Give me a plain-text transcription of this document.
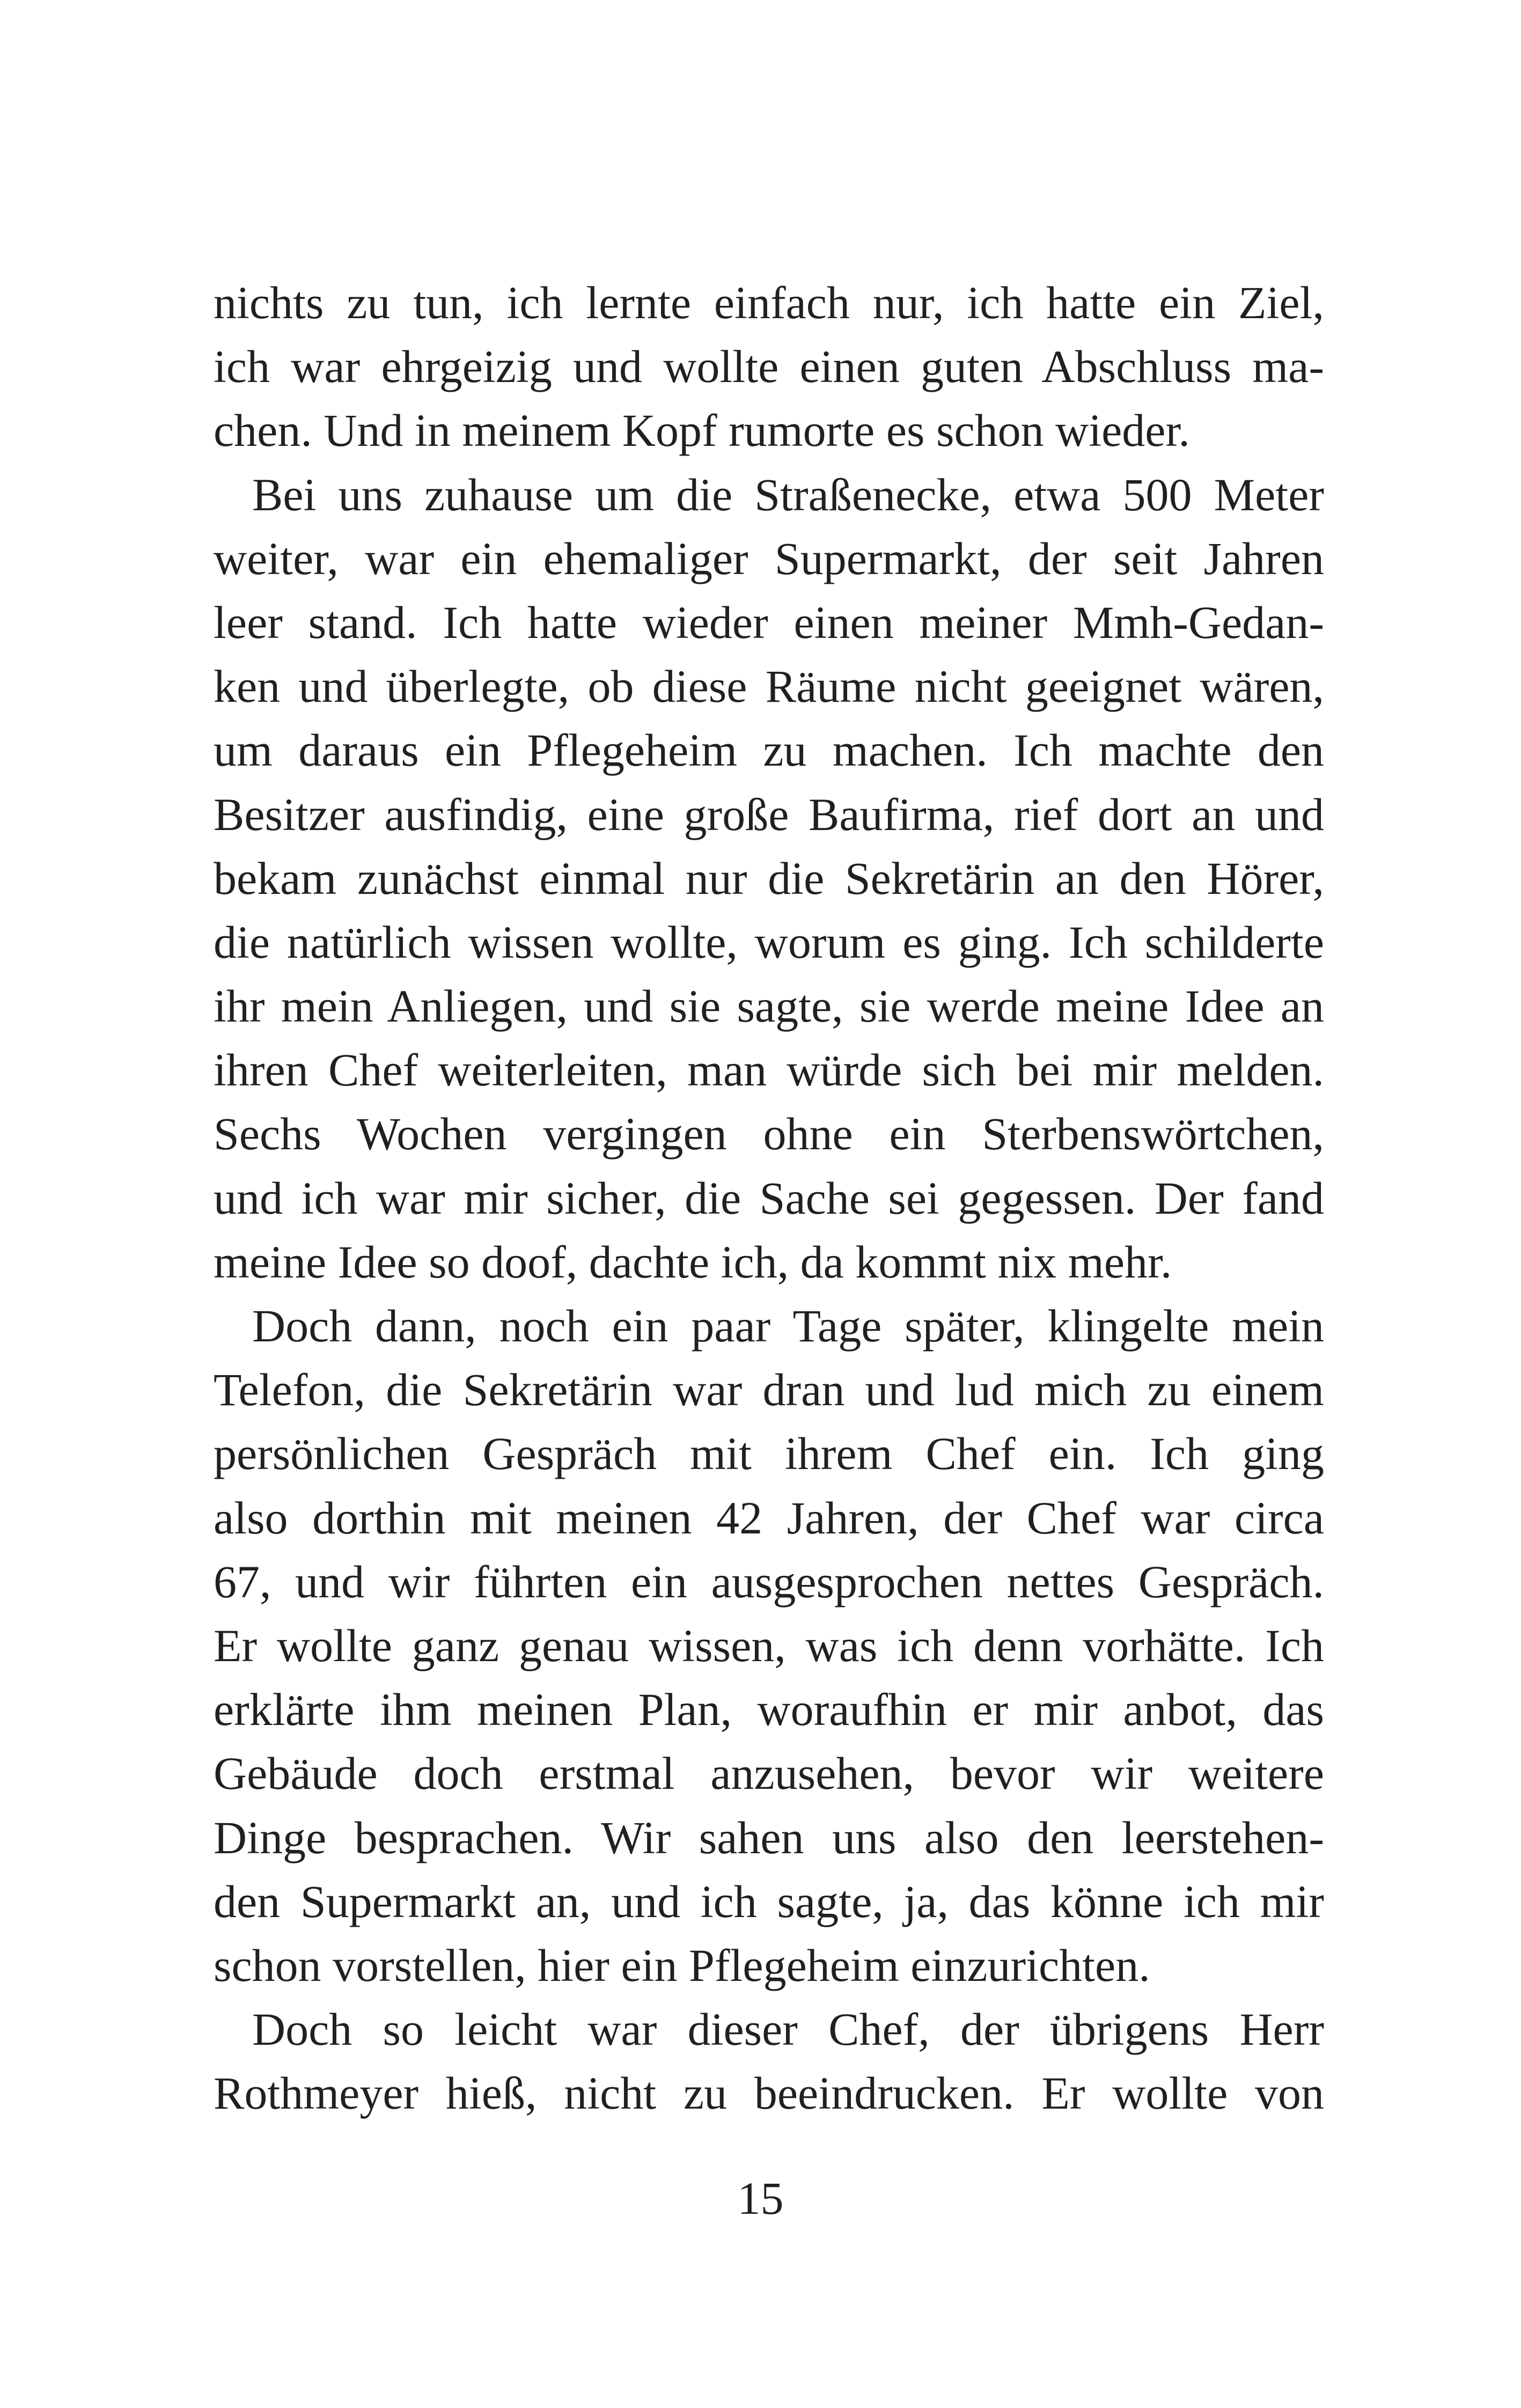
nichts zu tun, ich lernte einfach nur, ich hatte ein Ziel,
ich war ehrgeizig und wollte einen guten Abschluss ma-
chen. Und in meinem Kopf rumorte es schon wieder.
Bei uns zuhause um die Straßenecke, etwa 500 Meter
weiter, war ein ehemaliger Supermarkt, der seit Jahren
leer stand. Ich hatte wieder einen meiner Mmh-Gedan-
ken und überlegte, ob diese Räume nicht geeignet wären,
um daraus ein Pflegeheim zu machen. Ich machte den
Besitzer ausfindig, eine große Baufirma, rief dort an und
bekam zunächst einmal nur die Sekretärin an den Hörer,
die natürlich wissen wollte, worum es ging. Ich schilderte
ihr mein Anliegen, und sie sagte, sie werde meine Idee an
ihren Chef weiterleiten, man würde sich bei mir melden.
Sechs Wochen vergingen ohne ein Sterbenswörtchen,
und ich war mir sicher, die Sache sei gegessen. Der fand
meine Idee so doof, dachte ich, da kommt nix mehr.
Doch dann, noch ein paar Tage später, klingelte mein
Telefon, die Sekretärin war dran und lud mich zu einem
persönlichen Gespräch mit ihrem Chef ein. Ich ging
also dorthin mit meinen 42 Jahren, der Chef war circa
67, und wir führten ein ausgesprochen nettes Gespräch.
Er wollte ganz genau wissen, was ich denn vorhätte. Ich
erklärte ihm meinen Plan, woraufhin er mir anbot, das
Gebäude doch erstmal anzusehen, bevor wir weitere
Dinge besprachen. Wir sahen uns also den leerstehen-
den Supermarkt an, und ich sagte, ja, das könne ich mir
schon vorstellen, hier ein Pflegeheim einzurichten.
Doch so leicht war dieser Chef, der übrigens Herr
Rothmeyer hieß, nicht zu beeindrucken. Er wollte von
15
